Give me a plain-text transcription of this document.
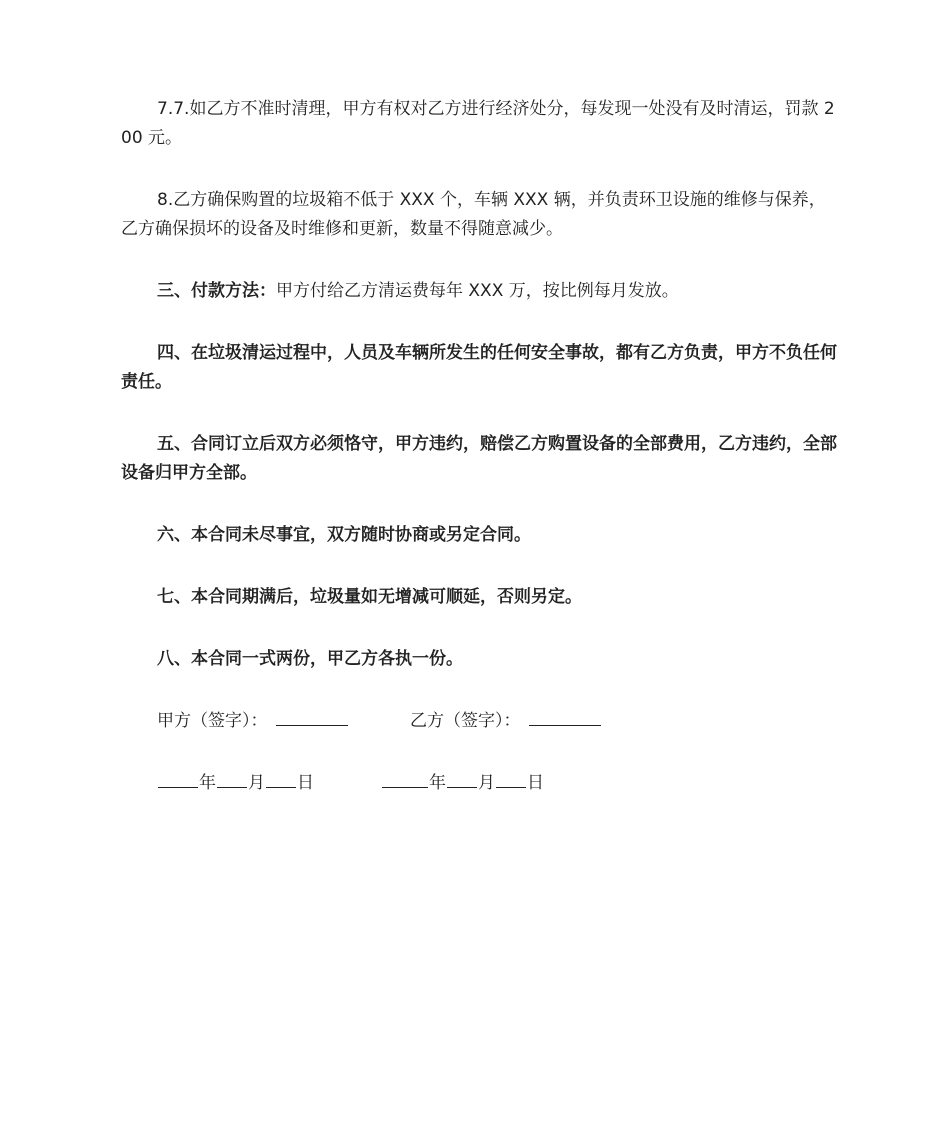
7.7.如乙方不准时清理，甲方有权对乙方进行经济处分，每发现一处没有及时清运，罚款 200 元。

8.乙方确保购置的垃圾箱不低于 XXX 个，车辆 XXX 辆，并负责环卫设施的维修与保养，乙方确保损坏的设备及时维修和更新，数量不得随意减少。

三、付款方法：甲方付给乙方清运费每年 XXX 万，按比例每月发放。

四、在垃圾清运过程中，人员及车辆所发生的任何安全事故，都有乙方负责，甲方不负任何责任。

五、合同订立后双方必须恪守，甲方违约，赔偿乙方购置设备的全部费用，乙方违约，全部设备归甲方全部。

六、本合同未尽事宜，双方随时协商或另定合同。

七、本合同期满后，垃圾量如无增减可顺延，否则另定。

八、本合同一式两份，甲乙方各执一份。

甲方（签字）：	乙方（签字）：
年 月 日	年 月 日
